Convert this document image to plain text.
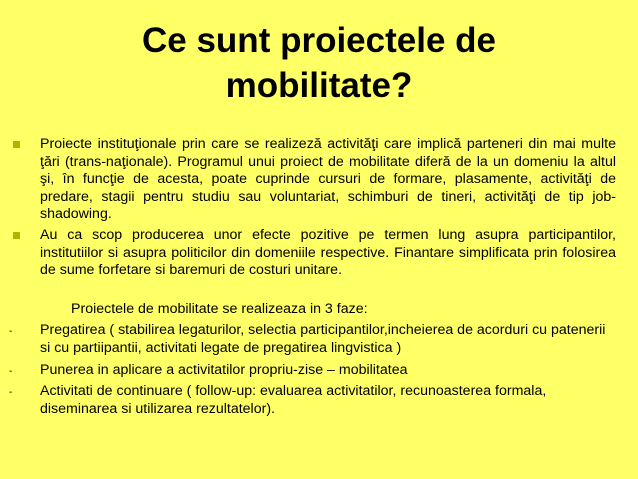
Ce sunt proiectele de
mobilitate?
Proiecte instituţionale prin care se realizeză activităţi care implică parteneri din mai multe ţări (trans-naţionale). Programul unui proiect de mobilitate diferă de la un domeniu la altul şi, în funcţie de acesta, poate cuprinde cursuri de formare, plasamente, activităţi de predare, stagii pentru studiu sau voluntariat, schimburi de tineri, activităţi de tip job-shadowing.
Au ca scop producerea unor efecte pozitive pe termen lung asupra participantilor, institutiilor si asupra politicilor din domeniile respective. Finantare simplificata prin folosirea de sume forfetare si baremuri de costuri unitare.
Proiectele de mobilitate se realizeaza in 3 faze:
- Pregatirea ( stabilirea legaturilor, selectia participantilor,incheierea de acorduri cu patenerii si cu partiipantii, activitati legate de pregatirea lingvistica )
- Punerea in aplicare a activitatilor propriu-zise – mobilitatea
- Activitati de continuare ( follow-up: evaluarea activitatilor, recunoasterea formala, diseminarea si utilizarea rezultatelor).
